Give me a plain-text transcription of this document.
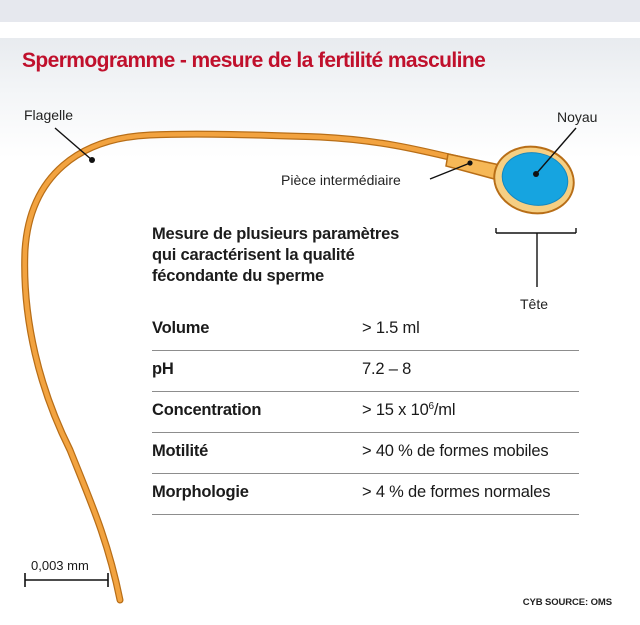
Spermogramme - mesure de la fertilité masculine
Flagelle	Noyau
Pièce intermédiaire
Tête
Mesure de plusieurs paramètres
qui caractérisent la qualité
fécondante du sperme
Volume	> 1.5 ml
pH	7.2 – 8
Concentration	> 15 x $10^6/ml$
Motilité	> 40 % de formes mobiles
Morphologie	> 4 % de formes normales
0,003 mm
CYB SOURCE: OMS
